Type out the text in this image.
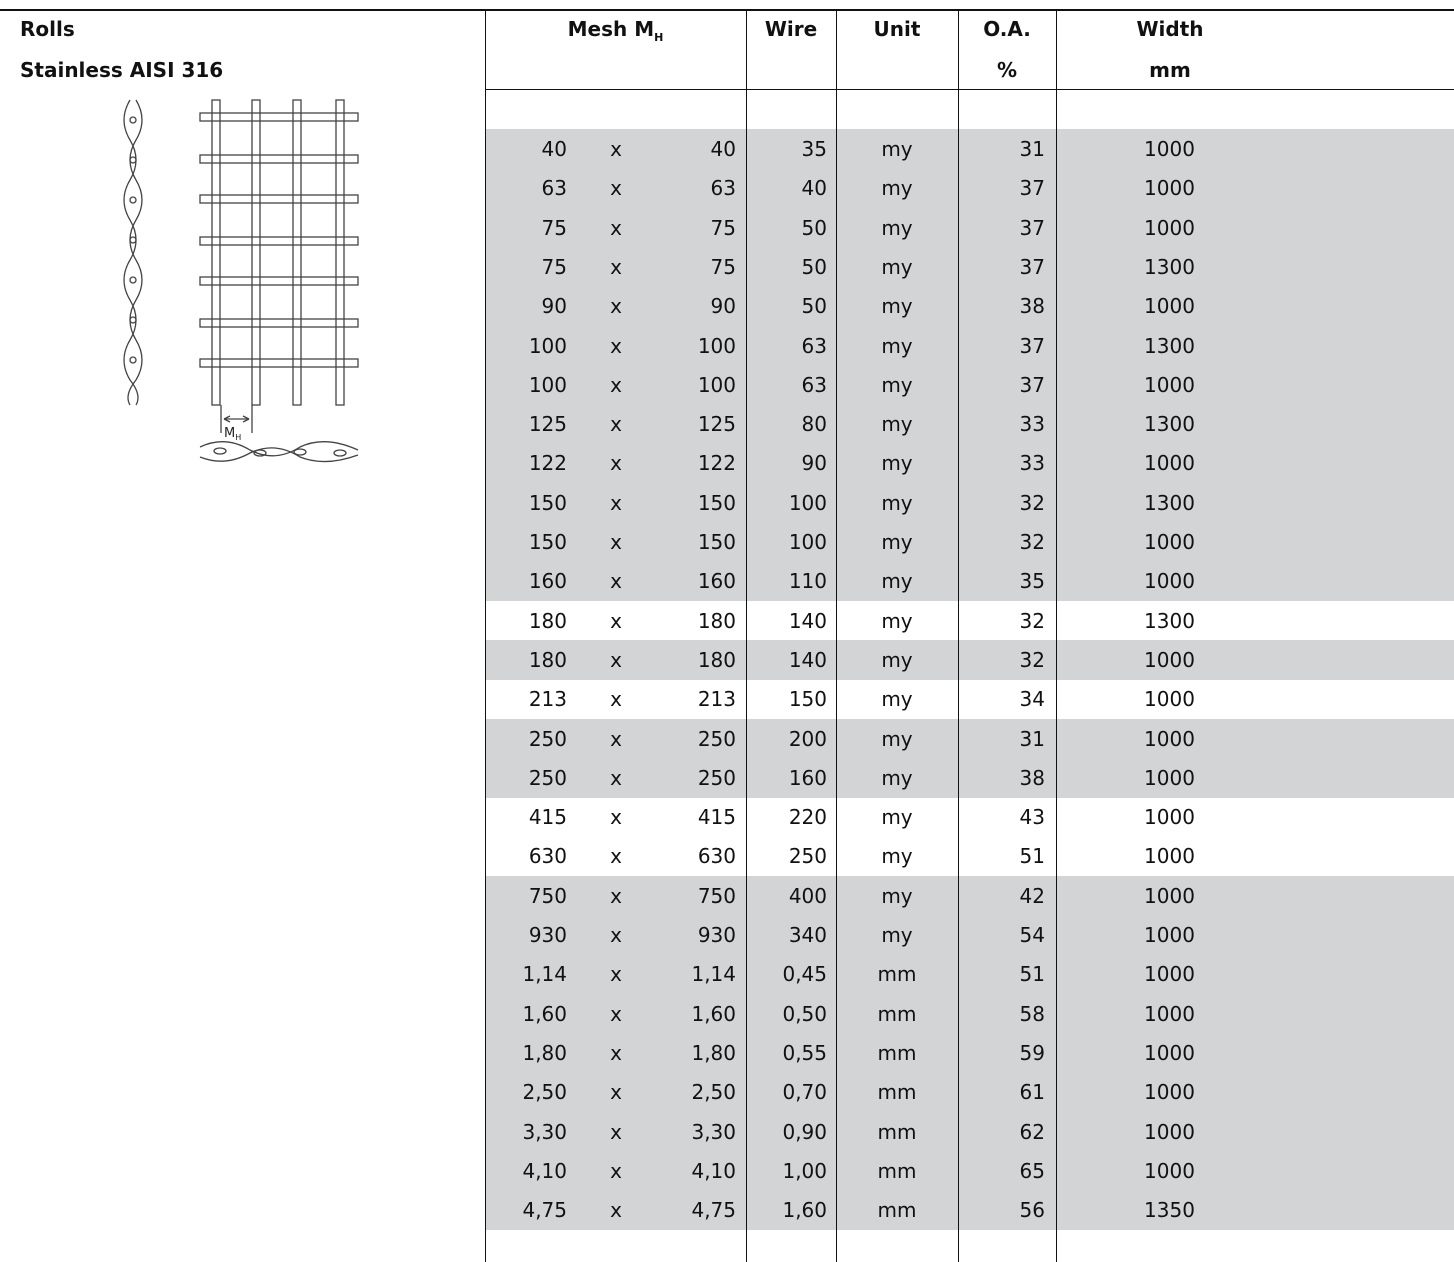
Rolls
Stainless AISI 316
$M_H$
Mesh $M_H$	Wire	Unit	O.A.
%
Width
mm
40 x	40	35	my	31	1000
63 x	63	40	my	37	1000
75 x	75	50	my	37	1000
75 x	75	50	my	37	1300
90 x	90	50	my	38	1000
100 x	100	63	my	37	1300
100 x	100	63	my	37	1000
125 x	125	80	my	33	1300
122 x	122	90	my	33	1000
150 x	150	100	my	32	1300
150 x	150	100	my	32	1000
160 x	160	110	my	35	1000
180 x	180	140	my	32	1300
180 x	180	140	my	32	1000
213 x	213	150	my	34	1000
250 x	250	200	my	31	1000
250 x	250	160	my	38	1000
415 x	415	220	my	43	1000
630 x	630	250	my	51	1000
750 x	750	400	my	42	1000
930 x	930	340	my	54	1000
1,14 x	1,14	0,45	mm	51	1000
1,60 x	1,60	0,50	mm	58	1000
1,80 x	1,80	0,55	mm	59	1000
2,50 x	2,50	0,70	mm	61	1000
3,30 x	3,30	0,90	mm	62	1000
4,10 x	4,10	1,00	mm	65	1000
4,75 x	4,75	1,60	mm	56	1350
